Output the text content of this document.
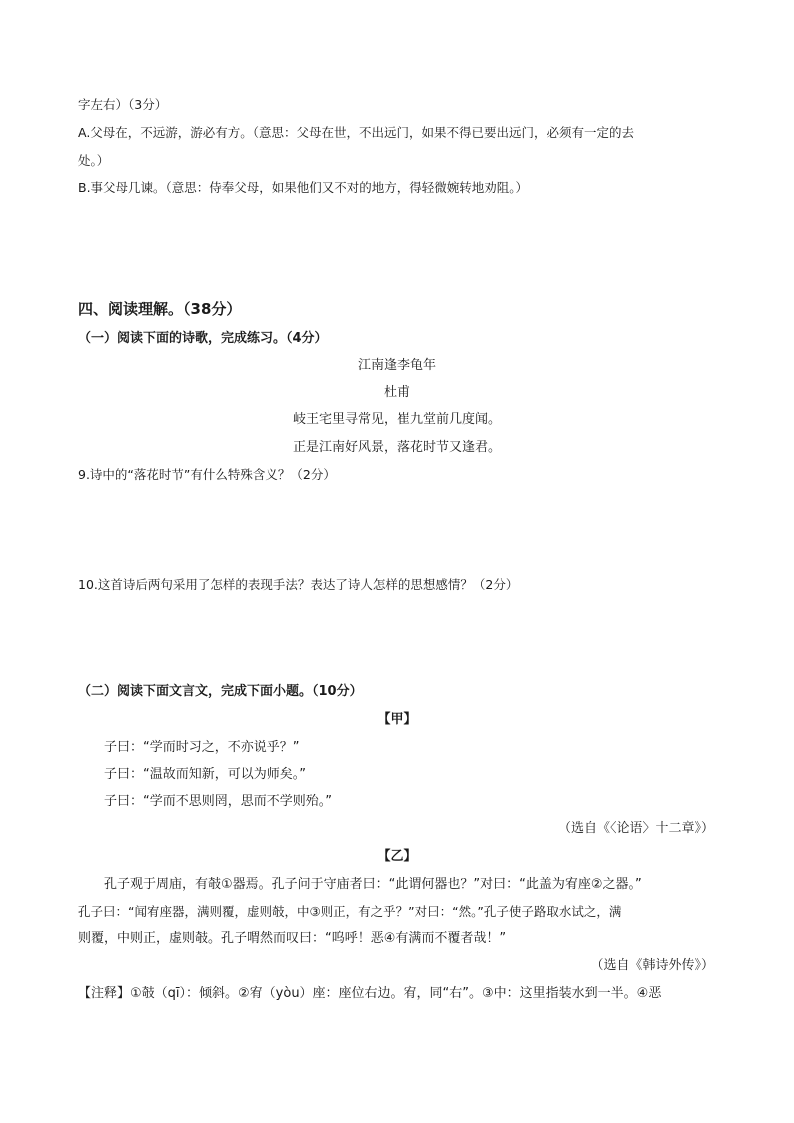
字左右）（3分）
A.父母在，不远游，游必有方。（意思：父母在世，不出远门，如果不得已要出远门，必须有一定的去
处。）
B.事父母几谏。（意思：侍奉父母，如果他们又不对的地方，得轻微婉转地劝阻。）
四、阅读理解。（38分）
（一）阅读下面的诗歌，完成练习。（4分）
江南逢李龟年
杜甫
岐王宅里寻常见，崔九堂前几度闻。
正是江南好风景，落花时节又逢君。
9.诗中的“落花时节”有什么特殊含义？（2分）
10.这首诗后两句采用了怎样的表现手法？表达了诗人怎样的思想感情？（2分）
（二）阅读下面文言文，完成下面小题。（10分）
【甲】
子曰：“学而时习之，不亦说乎？”
子曰：“温故而知新，可以为师矣。”
子曰：“学而不思则罔，思而不学则殆。”
（选自《〈论语〉十二章》）
【乙】
孔子观于周庙，有攲①器焉。孔子问于守庙者曰：“此谓何器也？”对曰：“此盖为宥座②之器。”
孔子曰：“闻宥座器，满则覆，虚则攲，中③则正，有之乎？”对曰：“然。”孔子使子路取水试之，满
则覆，中则正，虚则攲。孔子喟然而叹曰：“呜呼！恶④有满而不覆者哉！”
（选自《韩诗外传》）
【注释】①攲（qī）：倾斜。②宥（yòu）座：座位右边。宥，同“右”。③中：这里指装水到一半。④恶
